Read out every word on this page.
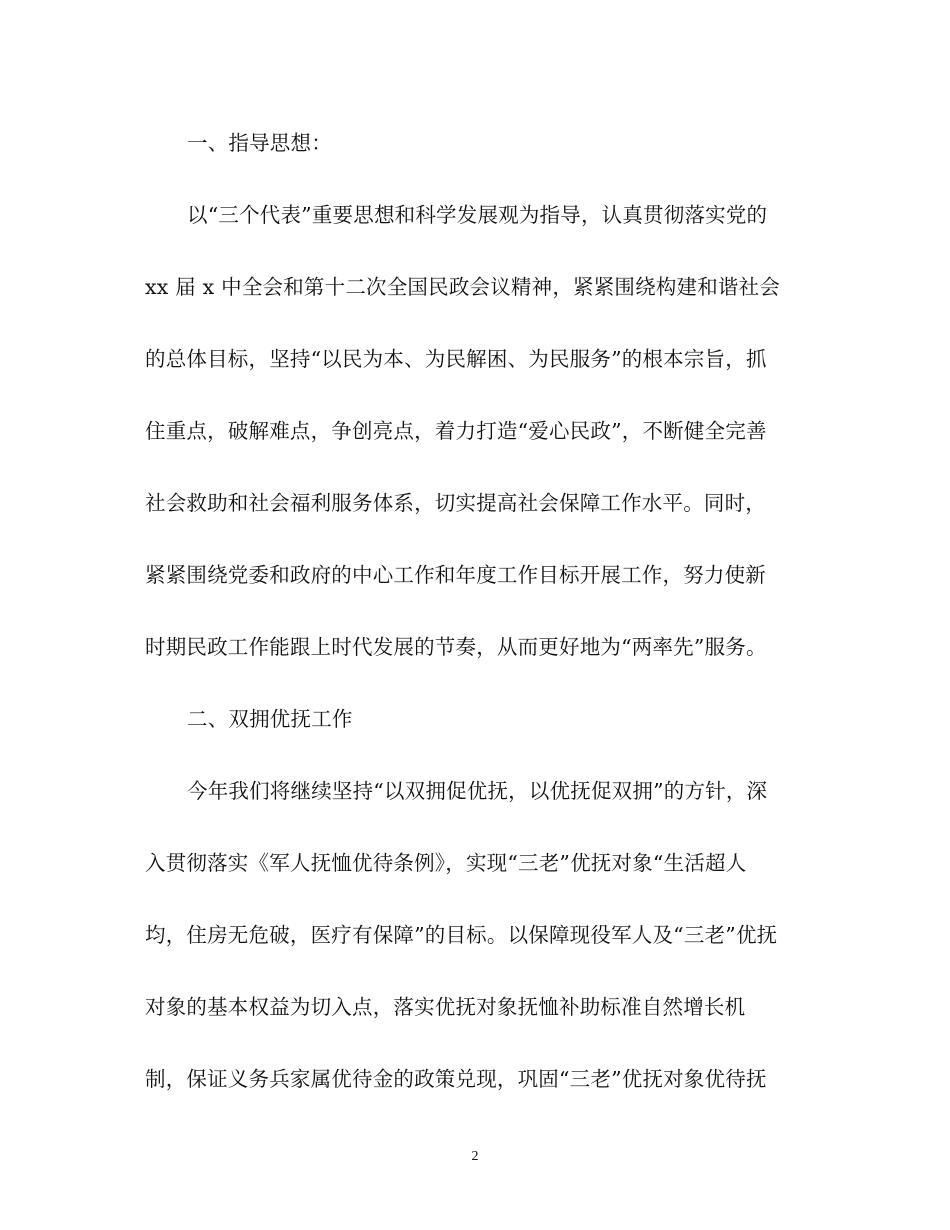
一、指导思想：
以“三个代表”重要思想和科学发展观为指导，认真贯彻落实党的
xx 届 x 中全会和第十二次全国民政会议精神，紧紧围绕构建和谐社会
的总体目标，坚持“以民为本、为民解困、为民服务”的根本宗旨，抓
住重点，破解难点，争创亮点，着力打造“爱心民政”，不断健全完善
社会救助和社会福利服务体系，切实提高社会保障工作水平。同时，
紧紧围绕党委和政府的中心工作和年度工作目标开展工作，努力使新
时期民政工作能跟上时代发展的节奏，从而更好地为“两率先”服务。
二、双拥优抚工作
今年我们将继续坚持“以双拥促优抚，以优抚促双拥”的方针，深
入贯彻落实《军人抚恤优待条例》，实现“三老”优抚对象“生活超人
均，住房无危破，医疗有保障”的目标。以保障现役军人及“三老”优抚
对象的基本权益为切入点，落实优抚对象抚恤补助标准自然增长机
制，保证义务兵家属优待金的政策兑现，巩固“三老”优抚对象优待抚
2
